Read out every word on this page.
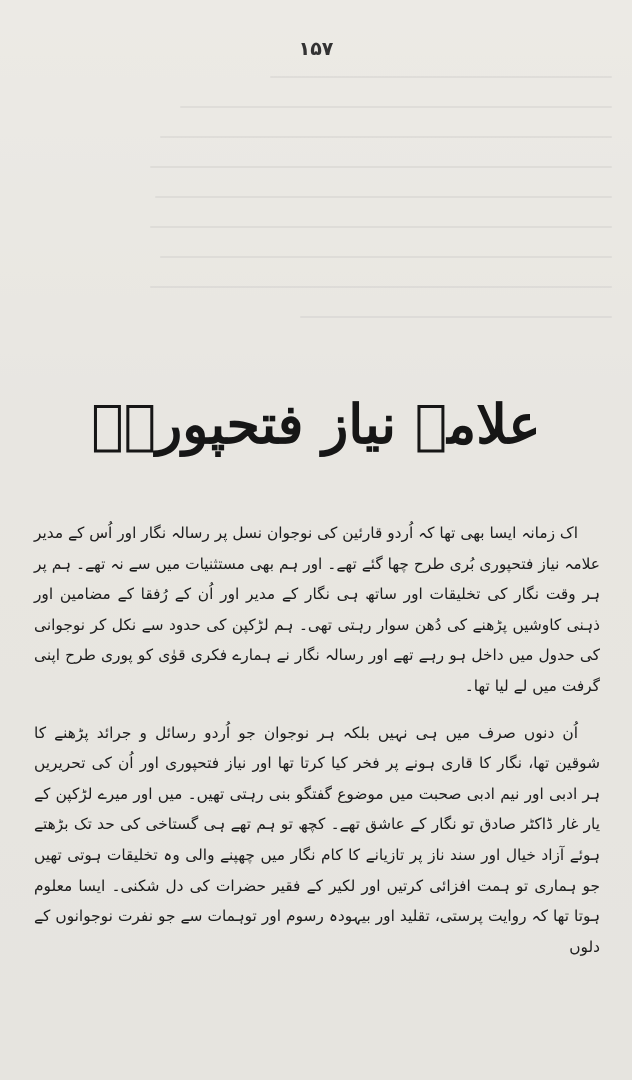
۱۵۷
علامہ نیاز فتحپوریؒ

اک زمانہ ایسا بھی تھا کہ اُردو قارئین کی نوجوان نسل پر رسالہ نگار اور اُس کے مدیر علامہ نیاز فتحپوری بُری طرح چھا گئے تھے۔ اور ہم بھی مستثنیات میں سے نہ تھے۔ ہم پر ہر وقت نگار کی تخلیقات اور ساتھ ہی نگار کے مدیر اور اُن کے رُفقا کے مضامین اور ذہنی کاوشیں پڑھنے کی دُھن سوار رہتی تھی۔ ہم لڑکپن کی حدود سے نکل کر نوجوانی کی حدول میں داخل ہو رہے تھے اور رسالہ نگار نے ہمارے فکری قوٰی کو پوری طرح اپنی گرفت میں لے لیا تھا۔

اُن دنوں صرف میں ہی نہیں بلکہ ہر نوجوان جو اُردو رسائل و جرائد پڑھنے کا شوقین تھا، نگار کا قاری ہونے پر فخر کیا کرتا تھا اور نیاز فتحپوری اور اُن کی تحریریں ہر ادبی اور نیم ادبی صحبت میں موضوع گفتگو بنی رہتی تھیں۔ میں اور میرے لڑکپن کے یار غار ڈاکٹر صادق تو نگار کے عاشق تھے۔ کچھ تو ہم تھے ہی گستاخی کی حد تک بڑھتے ہوئے آزاد خیال اور سند ناز پر تازیانے کا کام نگار میں چھپنے والی وہ تخلیقات ہوتی تھیں جو ہماری تو ہمت افزائی کرتیں اور لکیر کے فقیر حضرات کی دل شکنی۔ ایسا معلوم ہوتا تھا کہ روایت پرستی، تقلید اور بیہودہ رسوم اور توہمات سے جو نفرت نوجوانوں کے دلوں
